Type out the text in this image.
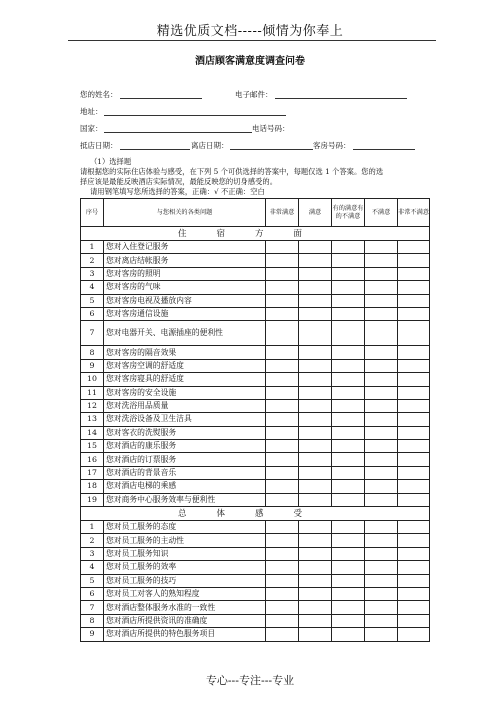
精选优质文档-----倾情为你奉上
酒店顾客满意度调查问卷
您的姓名：	电子邮件：
地址：
国家：	电话号码：
抵店日期：	离店日期：	客房号码：
（1）选择题
请根据您的实际住店体验与感受，在下列 5 个可供选择的答案中，每题仅选 1 个答案。您的选
择应该是最能反映酒店实际情况，最能反映您的切身感受的。
请用钢笔填写您所选择的答案，正确：√ 不正确：空白
序号	与您相关的各类问题	非常满意	满意	有的满意有的不满意	不满意	非常不满意
住宿方面						
1	您对入住登记服务					
2	您对离店结帐服务					
3	您对客房的照明					
4	您对客房的气味					
5	您对客房电视及播放内容					
6	您对客房通信设施					
7	您对电器开关、电源插座的便利性					
8	您对客房的隔音效果					
9	您对客房空调的舒适度					
10	您对客房寝具的舒适度					
11	您对客房的安全设施					
12	您对洗浴用品质量					
13	您对洗浴设备及卫生洁具					
14	您对客衣的洗熨服务					
15	您对酒店的康乐服务					
16	您对酒店的订票服务					
17	您对酒店的背景音乐					
18	您对酒店电梯的乘感					
19	您对商务中心服务效率与便利性					
总体感受						
1	您对员工服务的态度					
2	您对员工服务的主动性					
3	您对员工服务知识					
4	您对员工服务的效率					
5	您对员工服务的技巧					
6	您对员工对客人的熟知程度					
7	您对酒店整体服务水准的一致性					
8	您对酒店所提供资讯的准确度					
9	您对酒店所提供的特色服务项目					
专心---专注---专业
